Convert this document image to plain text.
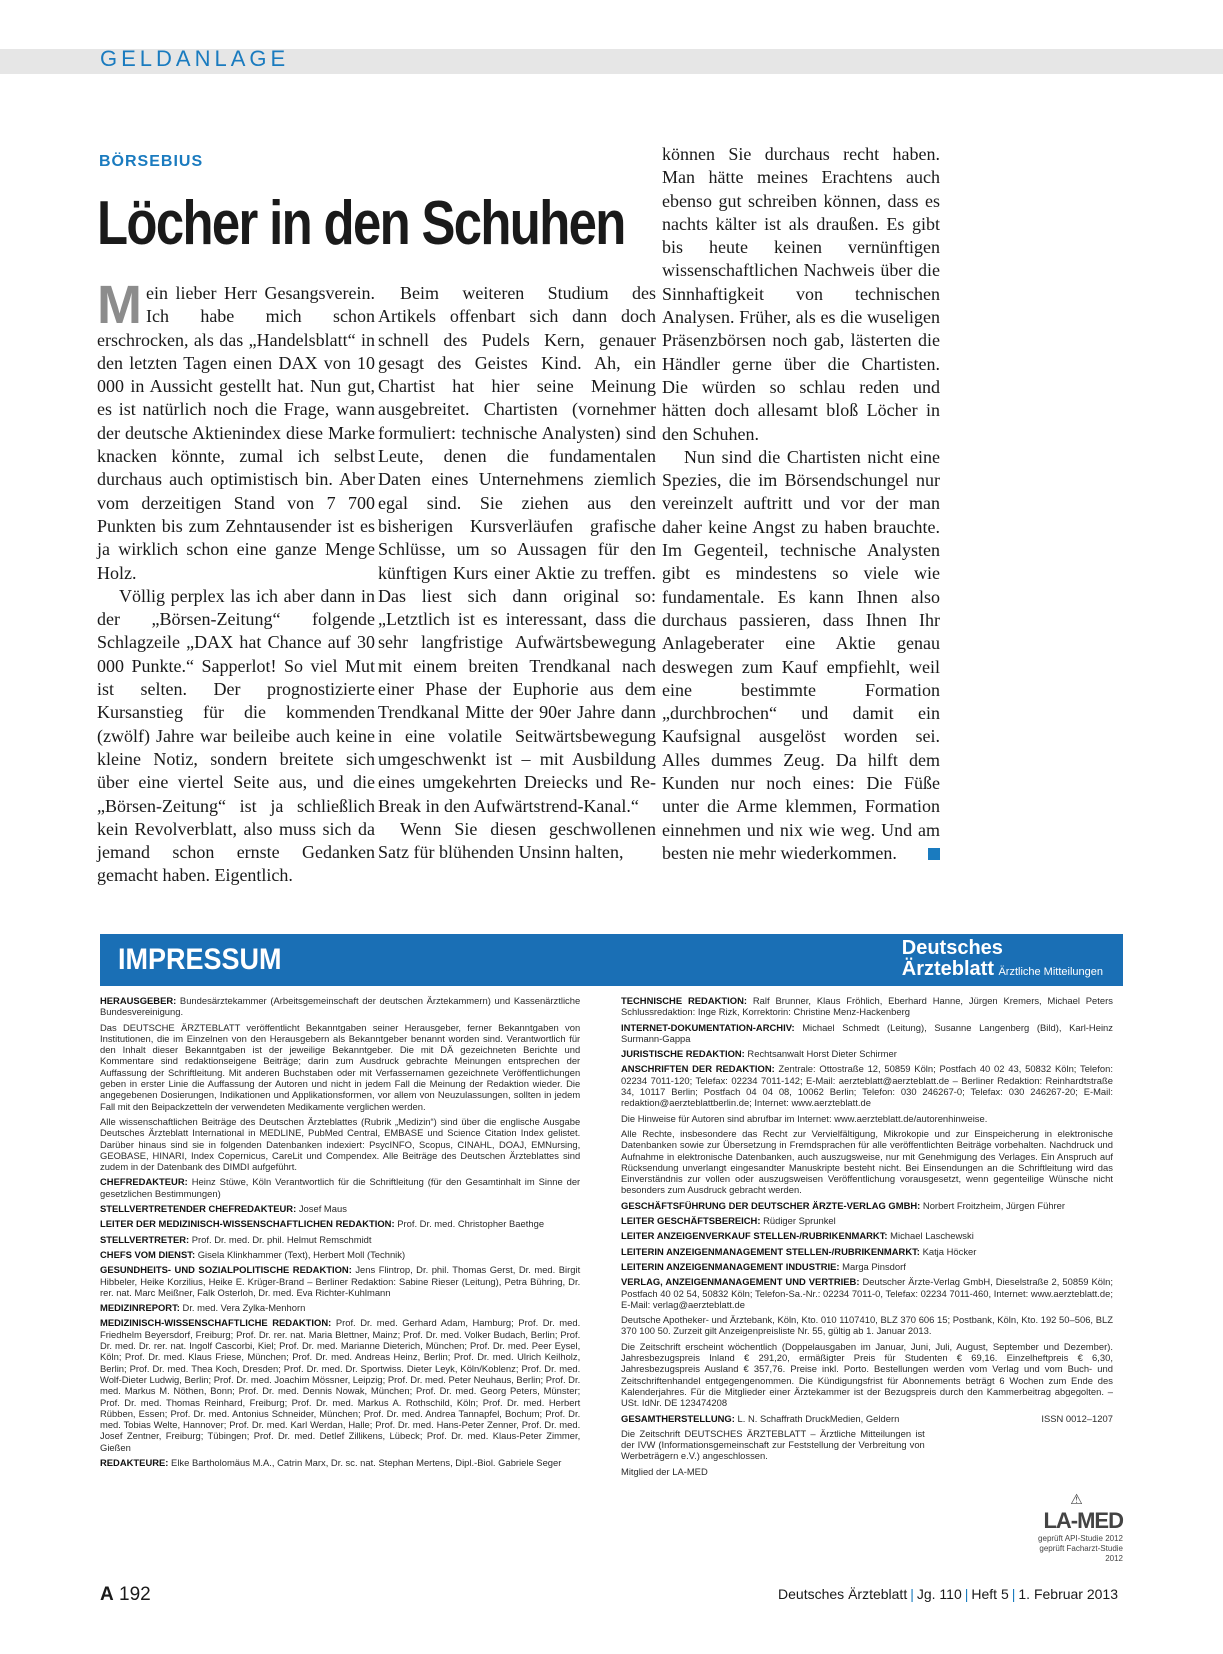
GELDANLAGE
BÖRSEBIUS
Löcher in den Schuhen

Mein lieber Herr Gesangsverein. Ich habe mich schon erschrocken, als das „Handelsblatt“ in den letzten Tagen einen DAX von 10 000 in Aussicht gestellt hat. Nun gut, es ist natürlich noch die Frage, wann der deutsche Aktienindex diese Marke knacken könnte, zumal ich selbst durchaus auch optimistisch bin. Aber vom derzeitigen Stand von 7 700 Punkten bis zum Zehntausender ist es ja wirklich schon eine ganze Menge Holz.

Völlig perplex las ich aber dann in der „Börsen-Zeitung“ folgende Schlagzeile „DAX hat Chance auf 30 000 Punkte.“ Sapperlot! So viel Mut ist selten. Der prognostizierte Kursanstieg für die kommenden (zwölf) Jahre war beileibe auch keine kleine Notiz, sondern breitete sich über eine viertel Seite aus, und die „Börsen-Zeitung“ ist ja schließlich kein Revolverblatt, also muss sich da jemand schon ernste Gedanken gemacht haben. Eigentlich.

Beim weiteren Studium des Artikels offenbart sich dann doch schnell des Pudels Kern, genauer gesagt des Geistes Kind. Ah, ein Chartist hat hier seine Meinung ausgebreitet. Chartisten (vornehmer formuliert: technische Analysten) sind Leute, denen die fundamentalen Daten eines Unternehmens ziemlich egal sind. Sie ziehen aus den bisherigen Kursverläufen grafische Schlüsse, um so Aussagen für den künftigen Kurs einer Aktie zu treffen. Das liest sich dann original so: „Letztlich ist es interessant, dass die sehr langfristige Aufwärtsbewegung mit einem breiten Trendkanal nach einer Phase der Euphorie aus dem Trendkanal Mitte der 90er Jahre dann in eine volatile Seitwärtsbewegung umgeschwenkt ist – mit Ausbildung eines umgekehrten Dreiecks und Re-Break in den Aufwärtstrend-Kanal.“

Wenn Sie diesen geschwollenen Satz für blühenden Unsinn halten,

können Sie durchaus recht haben. Man hätte meines Erachtens auch ebenso gut schreiben können, dass es nachts kälter ist als draußen. Es gibt bis heute keinen vernünftigen wissenschaftlichen Nachweis über die Sinnhaftigkeit von technischen Analysen. Früher, als es die wuseligen Präsenzbörsen noch gab, lästerten die Händler gerne über die Chartisten. Die würden so schlau reden und hätten doch allesamt bloß Löcher in den Schuhen.

Nun sind die Chartisten nicht eine Spezies, die im Börsendschungel nur vereinzelt auftritt und vor der man daher keine Angst zu haben brauchte. Im Gegenteil, technische Analysten gibt es mindestens so viele wie fundamentale. Es kann Ihnen also durchaus passieren, dass Ihnen Ihr Anlageberater eine Aktie genau deswegen zum Kauf empfiehlt, weil eine bestimmte Formation „durchbrochen“ und damit ein Kaufsignal ausgelöst worden sei. Alles dummes Zeug. Da hilft dem Kunden nur noch eines: Die Füße unter die Arme klemmen, Formation einnehmen und nix wie weg. Und am besten nie mehr wiederkommen.

IMPRESSUM	Deutsches
Ärzteblatt Ärztliche Mitteilungen

HERAUSGEBER: Bundesärztekammer (Arbeitsgemeinschaft der deutschen Ärztekammern) und Kassenärztliche Bundesvereinigung.

Das DEUTSCHE ÄRZTEBLATT veröffentlicht Bekanntgaben seiner Herausgeber, ferner Bekanntgaben von Institutionen, die im Einzelnen von den Herausgebern als Bekanntgeber benannt worden sind. Verantwortlich für den Inhalt dieser Bekanntgaben ist der jeweilige Bekanntgeber. Die mit DÄ gezeichneten Berichte und Kommentare sind redaktionseigene Beiträge; darin zum Ausdruck gebrachte Meinungen entsprechen der Auffassung der Schriftleitung. Mit anderen Buchstaben oder mit Verfassernamen gezeichnete Veröffentlichungen geben in erster Linie die Auffassung der Autoren und nicht in jedem Fall die Meinung der Redaktion wieder. Die angegebenen Dosierungen, Indikationen und Applikationsformen, vor allem von Neuzulassungen, sollten in jedem Fall mit den Beipackzetteln der verwendeten Medikamente verglichen werden.

Alle wissenschaftlichen Beiträge des Deutschen Ärzteblattes (Rubrik „Medizin“) sind über die englische Ausgabe Deutsches Ärzteblatt International in MEDLINE, PubMed Central, EMBASE und Science Citation Index gelistet. Darüber hinaus sind sie in folgenden Datenbanken indexiert: PsycINFO, Scopus, CINAHL, DOAJ, EMNursing, GEOBASE, HINARI, Index Copernicus, CareLit und Compendex. Alle Beiträge des Deutschen Ärzteblattes sind zudem in der Datenbank des DIMDI aufgeführt.

CHEFREDAKTEUR: Heinz Stüwe, Köln Verantwortlich für die Schriftleitung (für den Gesamtinhalt im Sinne der gesetzlichen Bestimmungen)

STELLVERTRETENDER CHEFREDAKTEUR: Josef Maus

LEITER DER MEDIZINISCH-WISSENSCHAFTLICHEN REDAKTION: Prof. Dr. med. Christopher Baethge

STELLVERTRETER: Prof. Dr. med. Dr. phil. Helmut Remschmidt

CHEFS VOM DIENST: Gisela Klinkhammer (Text), Herbert Moll (Technik)

GESUNDHEITS- UND SOZIALPOLITISCHE REDAKTION: Jens Flintrop, Dr. phil. Thomas Gerst, Dr. med. Birgit Hibbeler, Heike Korzilius, Heike E. Krüger-Brand – Berliner Redaktion: Sabine Rieser (Leitung), Petra Bühring, Dr. rer. nat. Marc Meißner, Falk Osterloh, Dr. med. Eva Richter-Kuhlmann

MEDIZINREPORT: Dr. med. Vera Zylka-Menhorn

MEDIZINISCH-WISSENSCHAFTLICHE REDAKTION: Prof. Dr. med. Gerhard Adam, Hamburg; Prof. Dr. med. Friedhelm Beyersdorf, Freiburg; Prof. Dr. rer. nat. Maria Blettner, Mainz; Prof. Dr. med. Volker Budach, Berlin; Prof. Dr. med. Dr. rer. nat. Ingolf Cascorbi, Kiel; Prof. Dr. med. Marianne Dieterich, München; Prof. Dr. med. Peer Eysel, Köln; Prof. Dr. med. Klaus Friese, München; Prof. Dr. med. Andreas Heinz, Berlin; Prof. Dr. med. Ulrich Keilholz, Berlin; Prof. Dr. med. Thea Koch, Dresden; Prof. Dr. med. Dr. Sportwiss. Dieter Leyk, Köln/Koblenz; Prof. Dr. med. Wolf-Dieter Ludwig, Berlin; Prof. Dr. med. Joachim Mössner, Leipzig; Prof. Dr. med. Peter Neuhaus, Berlin; Prof. Dr. med. Markus M. Nöthen, Bonn; Prof. Dr. med. Dennis Nowak, München; Prof. Dr. med. Georg Peters, Münster; Prof. Dr. med. Thomas Reinhard, Freiburg; Prof. Dr. med. Markus A. Rothschild, Köln; Prof. Dr. med. Herbert Rübben, Essen; Prof. Dr. med. Antonius Schneider, München; Prof. Dr. med. Andrea Tannapfel, Bochum; Prof. Dr. med. Tobias Welte, Hannover; Prof. Dr. med. Karl Werdan, Halle; Prof. Dr. med. Hans-Peter Zenner, Prof. Dr. med. Josef Zentner, Freiburg; Tübingen; Prof. Dr. med. Detlef Zillikens, Lübeck; Prof. Dr. med. Klaus-Peter Zimmer, Gießen

REDAKTEURE: Elke Bartholomäus M.A., Catrin Marx, Dr. sc. nat. Stephan Mertens, Dipl.-Biol. Gabriele Seger

TECHNISCHE REDAKTION: Ralf Brunner, Klaus Fröhlich, Eberhard Hanne, Jürgen Kremers, Michael Peters Schlussredaktion: Inge Rizk, Korrektorin: Christine Menz-Hackenberg

INTERNET-DOKUMENTATION-ARCHIV: Michael Schmedt (Leitung), Susanne Langenberg (Bild), Karl-Heinz Surmann-Gappa

JURISTISCHE REDAKTION: Rechtsanwalt Horst Dieter Schirmer

ANSCHRIFTEN DER REDAKTION: Zentrale: Ottostraße 12, 50859 Köln; Postfach 40 02 43, 50832 Köln; Telefon: 02234 7011-120; Telefax: 02234 7011-142; E-Mail: aerzteblatt@aerzteblatt.de – Berliner Redaktion: Reinhardtstraße 34, 10117 Berlin; Postfach 04 04 08, 10062 Berlin; Telefon: 030 246267-0; Telefax: 030 246267-20; E-Mail: redaktion@aerzteblattberlin.de; Internet: www.aerzteblatt.de

Die Hinweise für Autoren sind abrufbar im Internet: www.aerzteblatt.de/autorenhinweise.

Alle Rechte, insbesondere das Recht zur Vervielfältigung, Mikrokopie und zur Einspeicherung in elektronische Datenbanken sowie zur Übersetzung in Fremdsprachen für alle veröffentlichten Beiträge vorbehalten. Nachdruck und Aufnahme in elektronische Datenbanken, auch auszugsweise, nur mit Genehmigung des Verlages. Ein Anspruch auf Rücksendung unverlangt eingesandter Manuskripte besteht nicht. Bei Einsendungen an die Schriftleitung wird das Einverständnis zur vollen oder auszugsweisen Veröffentlichung vorausgesetzt, wenn gegenteilige Wünsche nicht besonders zum Ausdruck gebracht werden.

GESCHÄFTSFÜHRUNG DER DEUTSCHER ÄRZTE-VERLAG GMBH: Norbert Froitzheim, Jürgen Führer

LEITER GESCHÄFTSBEREICH: Rüdiger Sprunkel

LEITER ANZEIGENVERKAUF STELLEN-/RUBRIKENMARKT: Michael Laschewski

LEITERIN ANZEIGENMANAGEMENT STELLEN-/RUBRIKENMARKT: Katja Höcker

LEITERIN ANZEIGENMANAGEMENT INDUSTRIE: Marga Pinsdorf

VERLAG, ANZEIGENMANAGEMENT UND VERTRIEB: Deutscher Ärzte-Verlag GmbH, Dieselstraße 2, 50859 Köln; Postfach 40 02 54, 50832 Köln; Telefon-Sa.-Nr.: 02234 7011-0, Telefax: 02234 7011-460, Internet: www.aerzteblatt.de; E-Mail: verlag@aerzteblatt.de

Deutsche Apotheker- und Ärztebank, Köln, Kto. 010 1107410, BLZ 370 606 15; Postbank, Köln, Kto. 192 50–506, BLZ 370 100 50. Zurzeit gilt Anzeigenpreisliste Nr. 55, gültig ab 1. Januar 2013.

Die Zeitschrift erscheint wöchentlich (Doppelausgaben im Januar, Juni, Juli, August, September und Dezember). Jahresbezugspreis Inland € 291,20, ermäßigter Preis für Studenten € 69,16. Einzelheftpreis € 6,30, Jahresbezugspreis Ausland € 357,76. Preise inkl. Porto. Bestellungen werden vom Verlag und vom Buch- und Zeitschriftenhandel entgegengenommen. Die Kündigungsfrist für Abonnements beträgt 6 Wochen zum Ende des Kalenderjahres. Für die Mitglieder einer Ärztekammer ist der Bezugspreis durch den Kammerbeitrag abgegolten. – USt. IdNr. DE 123474208

GESAMTHERSTELLUNG: L. N. Schaffrath DruckMedien, Geldern	ISSN 0012–1207

Die Zeitschrift DEUTSCHES ÄRZTEBLATT – Ärztliche Mitteilungen ist der IVW (Informationsgemeinschaft zur Feststellung der Verbreitung von Werbeträgern e.V.) angeschlossen.

Mitglied der LA-MED

⚠
LA-MED
geprüft API-Studie 2012
geprüft Facharzt-Studie 2012
A 192	Deutsches Ärzteblatt | Jg. 110 | Heft 5 | 1. Februar 2013
